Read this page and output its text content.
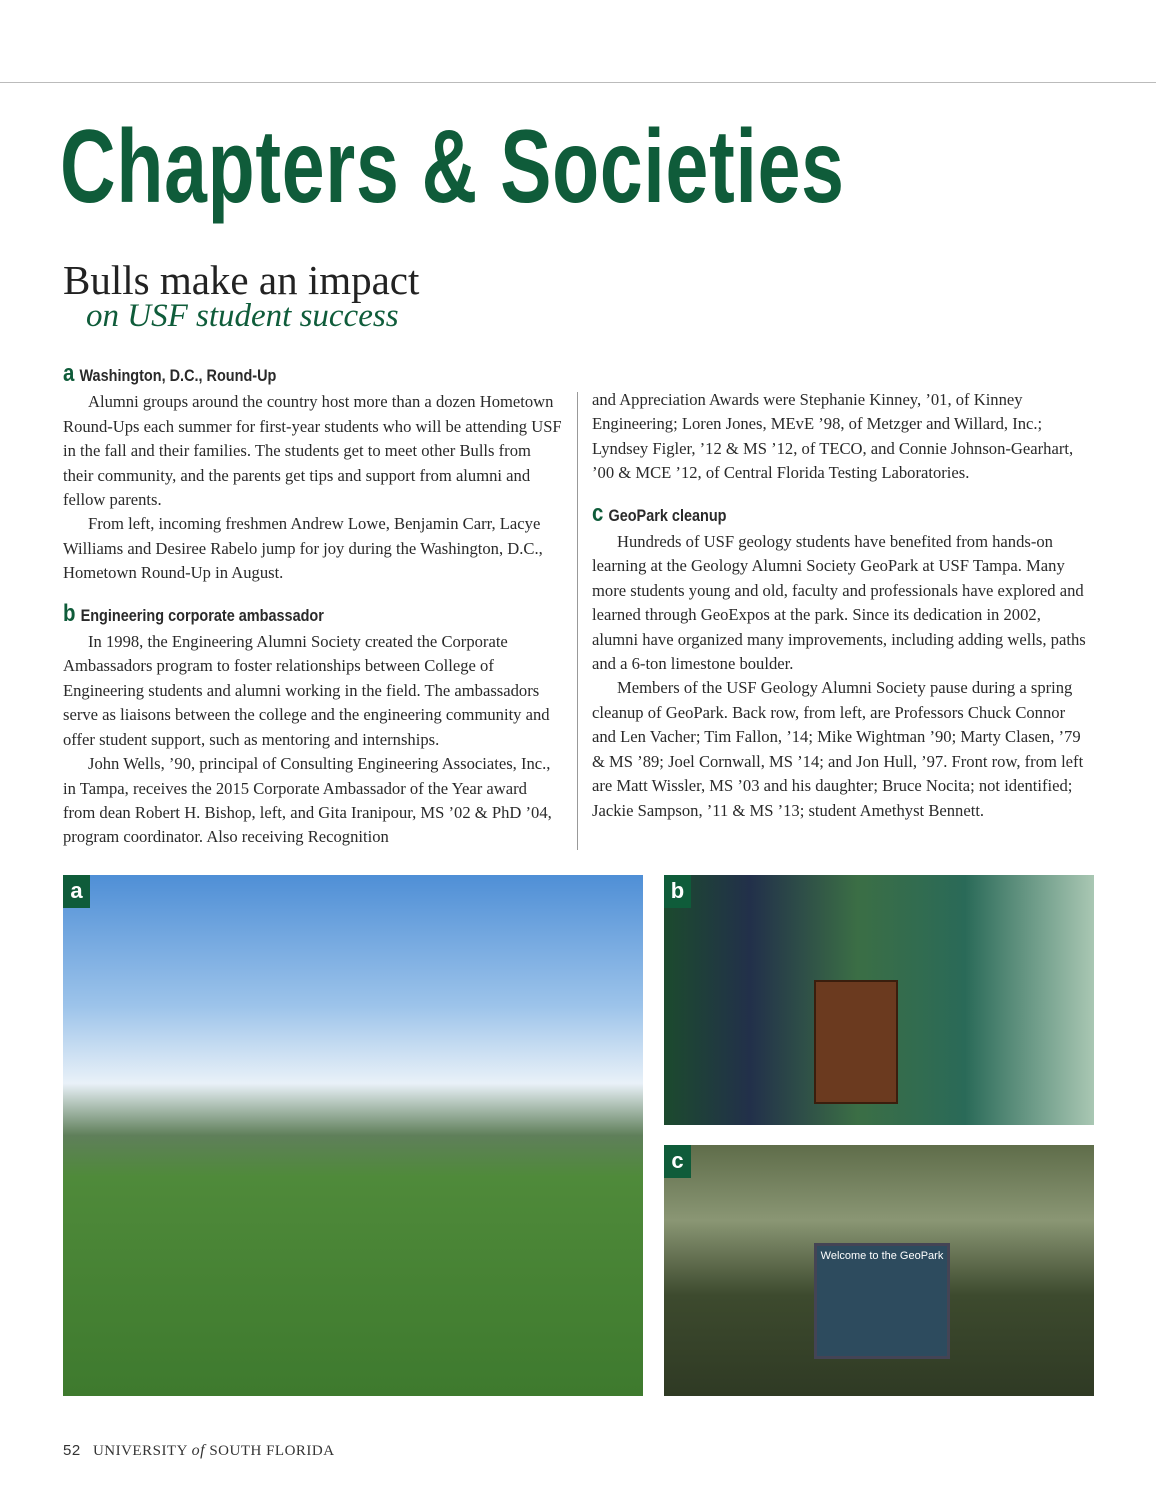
Chapters & Societies
Bulls make an impact
on USF student success
a Washington, D.C., Round-Up

Alumni groups around the country host more than a dozen Hometown Round-Ups each summer for first-year students who will be attending USF in the fall and their families. The students get to meet other Bulls from their community, and the parents get tips and support from alumni and fellow parents.

From left, incoming freshmen Andrew Lowe, Benjamin Carr, Lacye Williams and Desiree Rabelo jump for joy during the Washington, D.C., Hometown Round-Up in August.

b Engineering corporate ambassador

In 1998, the Engineering Alumni Society created the Corporate Ambassadors program to foster relationships between College of Engineering students and alumni working in the field. The ambassadors serve as liaisons between the college and the engineering community and offer student support, such as mentoring and internships.

John Wells, ’90, principal of Consulting Engineering Associates, Inc., in Tampa, receives the 2015 Corporate Ambassador of the Year award from dean Robert H. Bishop, left, and Gita Iranipour, MS ’02 & PhD ’04, program coordinator. Also receiving Recognition

and Appreciation Awards were Stephanie Kinney, ’01, of Kinney Engineering; Loren Jones, MEvE ’98, of Metzger and Willard, Inc.; Lyndsey Figler, ’12 & MS ’12, of TECO, and Connie Johnson-Gearhart, ’00 & MCE ’12, of Central Florida Testing Laboratories.

c GeoPark cleanup

Hundreds of USF geology students have benefited from hands-on learning at the Geology Alumni Society GeoPark at USF Tampa. Many more students young and old, faculty and professionals have explored and learned through GeoExpos at the park. Since its dedication in 2002, alumni have organized many improvements, including adding wells, paths and a 6-ton limestone boulder.

Members of the USF Geology Alumni Society pause during a spring cleanup of GeoPark. Back row, from left, are Professors Chuck Connor and Len Vacher; Tim Fallon, ’14; Mike Wightman ’90; Marty Clasen, ’79 & MS ’89; Joel Cornwall, MS ’14; and Jon Hull, ’97. Front row, from left are Matt Wissler, MS ’03 and his daughter; Bruce Nocita; not identified; Jackie Sampson, ’11 & MS ’13; student Amethyst Bennett.

a	b
c
Welcome to the GeoPark
52 UNIVERSITY of SOUTH FLORIDA
